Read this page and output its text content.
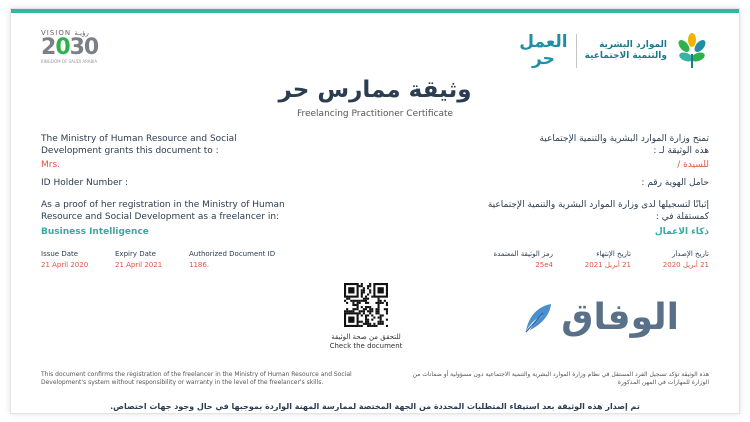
VISION رؤيـة
2030
KINGDOM OF SAUDI ARABIA
العمل
حر
الموارد البشرية
والتنمية الاجتماعية
وثيقة ممارس حر
Freelancing Practitioner Certificate
The Ministry of Human Resource and Social
Development grants this document to :
Mrs.
ID Holder Number :
As a proof of her registration in the Ministry of Human
Resource and Social Development as a freelancer in:
Business Intelligence
Issue Date
21 April 2020
Expiry Date
21 April 2021
Authorized Document ID
1186.
تمنح وزارة الموارد البشرية والتنمية الإجتماعية
هذه الوثيقة لـ :
للسيدة /
حامل الهوية رقم :
إثباتًا لتسجيلها لدى وزارة الموارد البشرية والتنمية الإجتماعية
كمستقلة في :
ذكاء الاعمال
تاريخ الإصدار
21 أبريل 2020
تاريخ الإنتهاء
21 أبريل 2021
رمز الوثيقة المعتمدة
25e4
للتحقق من صحة الوثيقة
Check the document
الوفاق
This document confirms the registration of the freelancer in the Ministry of Human Resource and Social Development's system without responsibility or warranty in the level of the freelancer's skills.
هذه الوثيقة تؤكد تسجيل الفرد المستقل في نظام وزارة الموارد البشرية والتنمية الاجتماعية دون مسؤولية أو ضمانات من الوزارة للمهارات في المهن المذكورة
تم إصدار هذه الوثيقة بعد استيفاء المتطلبات المحددة من الجهة المختصة لممارسة المهنة الواردة بموجبها في حال وجود جهات اختصاص.
